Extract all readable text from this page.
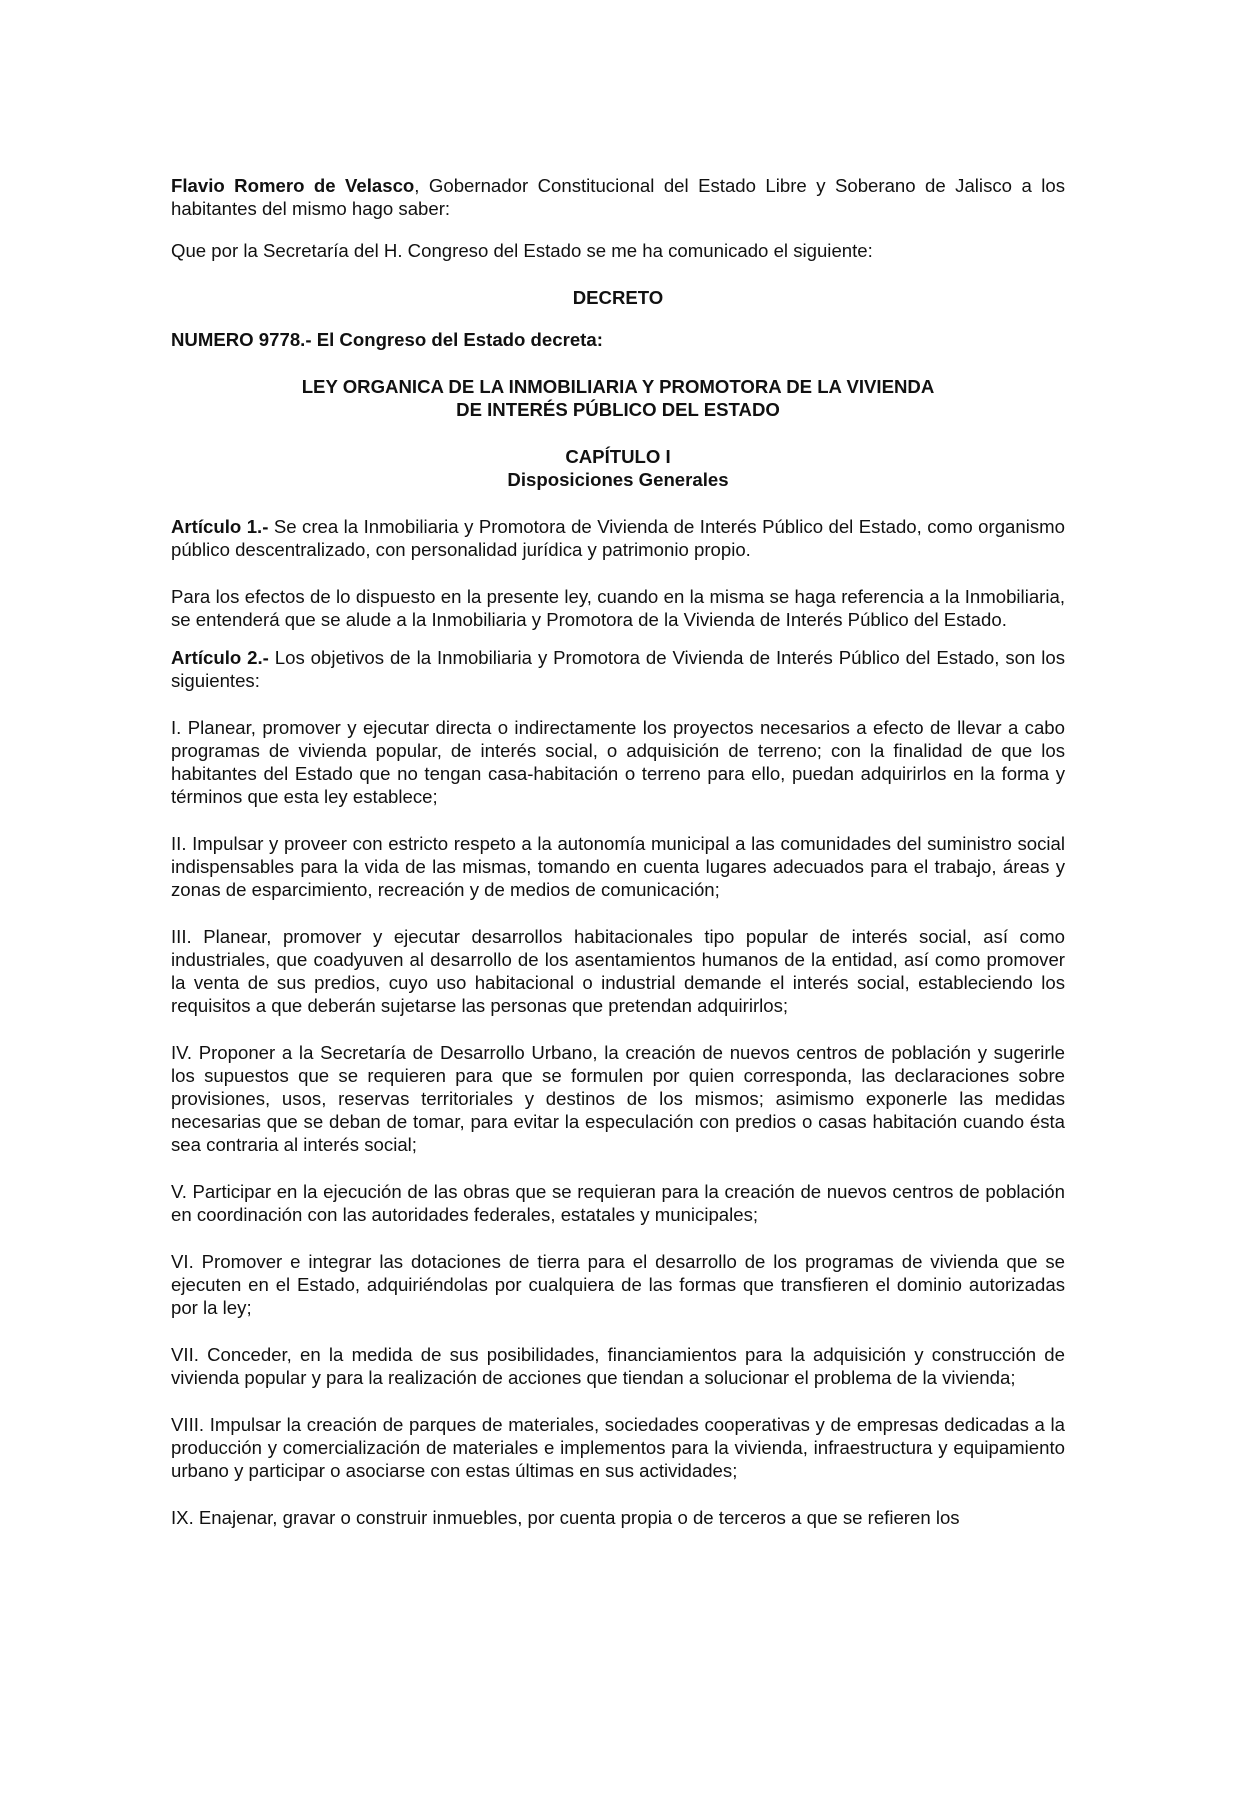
Flavio Romero de Velasco, Gobernador Constitucional del Estado Libre y Soberano de Jalisco a los habitantes del mismo hago saber:

Que por la Secretaría del H. Congreso del Estado se me ha comunicado el siguiente:

DECRETO

NUMERO 9778.- El Congreso del Estado decreta:

LEY ORGANICA DE LA INMOBILIARIA Y PROMOTORA DE LA VIVIENDA
DE INTERÉS PÚBLICO DEL ESTADO

CAPÍTULO I
Disposiciones Generales

Artículo 1.- Se crea la Inmobiliaria y Promotora de Vivienda de Interés Público del Estado, como organismo público descentralizado, con personalidad jurídica y patrimonio propio.

Para los efectos de lo dispuesto en la presente ley, cuando en la misma se haga referencia a la Inmobiliaria, se entenderá que se alude a la Inmobiliaria y Promotora de la Vivienda de Interés Público del Estado.

Artículo 2.- Los objetivos de la Inmobiliaria y Promotora de Vivienda de Interés Público del Estado, son los siguientes:

I. Planear, promover y ejecutar directa o indirectamente los proyectos necesarios a efecto de llevar a cabo programas de vivienda popular, de interés social, o adquisición de terreno; con la finalidad de que los habitantes del Estado que no tengan casa-habitación o terreno para ello, puedan adquirirlos en la forma y términos que esta ley establece;

II. Impulsar y proveer con estricto respeto a la autonomía municipal a las comunidades del suministro social indispensables para la vida de las mismas, tomando en cuenta lugares adecuados para el trabajo, áreas y zonas de esparcimiento, recreación y de medios de comunicación;

III. Planear, promover y ejecutar desarrollos habitacionales tipo popular de interés social, así como industriales, que coadyuven al desarrollo de los asentamientos humanos de la entidad, así como promover la venta de sus predios, cuyo uso habitacional o industrial demande el interés social, estableciendo los requisitos a que deberán sujetarse las personas que pretendan adquirirlos;

IV. Proponer a la Secretaría de Desarrollo Urbano, la creación de nuevos centros de población y sugerirle los supuestos que se requieren para que se formulen por quien corresponda, las declaraciones sobre provisiones, usos, reservas territoriales y destinos de los mismos; asimismo exponerle las medidas necesarias que se deban de tomar, para evitar la especulación con predios o casas habitación cuando ésta sea contraria al interés social;

V. Participar en la ejecución de las obras que se requieran para la creación de nuevos centros de población en coordinación con las autoridades federales, estatales y municipales;

VI. Promover e integrar las dotaciones de tierra para el desarrollo de los programas de vivienda que se ejecuten en el Estado, adquiriéndolas por cualquiera de las formas que transfieren el dominio autorizadas por la ley;

VII. Conceder, en la medida de sus posibilidades, financiamientos para la adquisición y construcción de vivienda popular y para la realización de acciones que tiendan a solucionar el problema de la vivienda;

VIII. Impulsar la creación de parques de materiales, sociedades cooperativas y de empresas dedicadas a la producción y comercialización de materiales e implementos para la vivienda, infraestructura y equipamiento urbano y participar o asociarse con estas últimas en sus actividades;

IX. Enajenar, gravar o construir inmuebles, por cuenta propia o de terceros a que se refieren los
